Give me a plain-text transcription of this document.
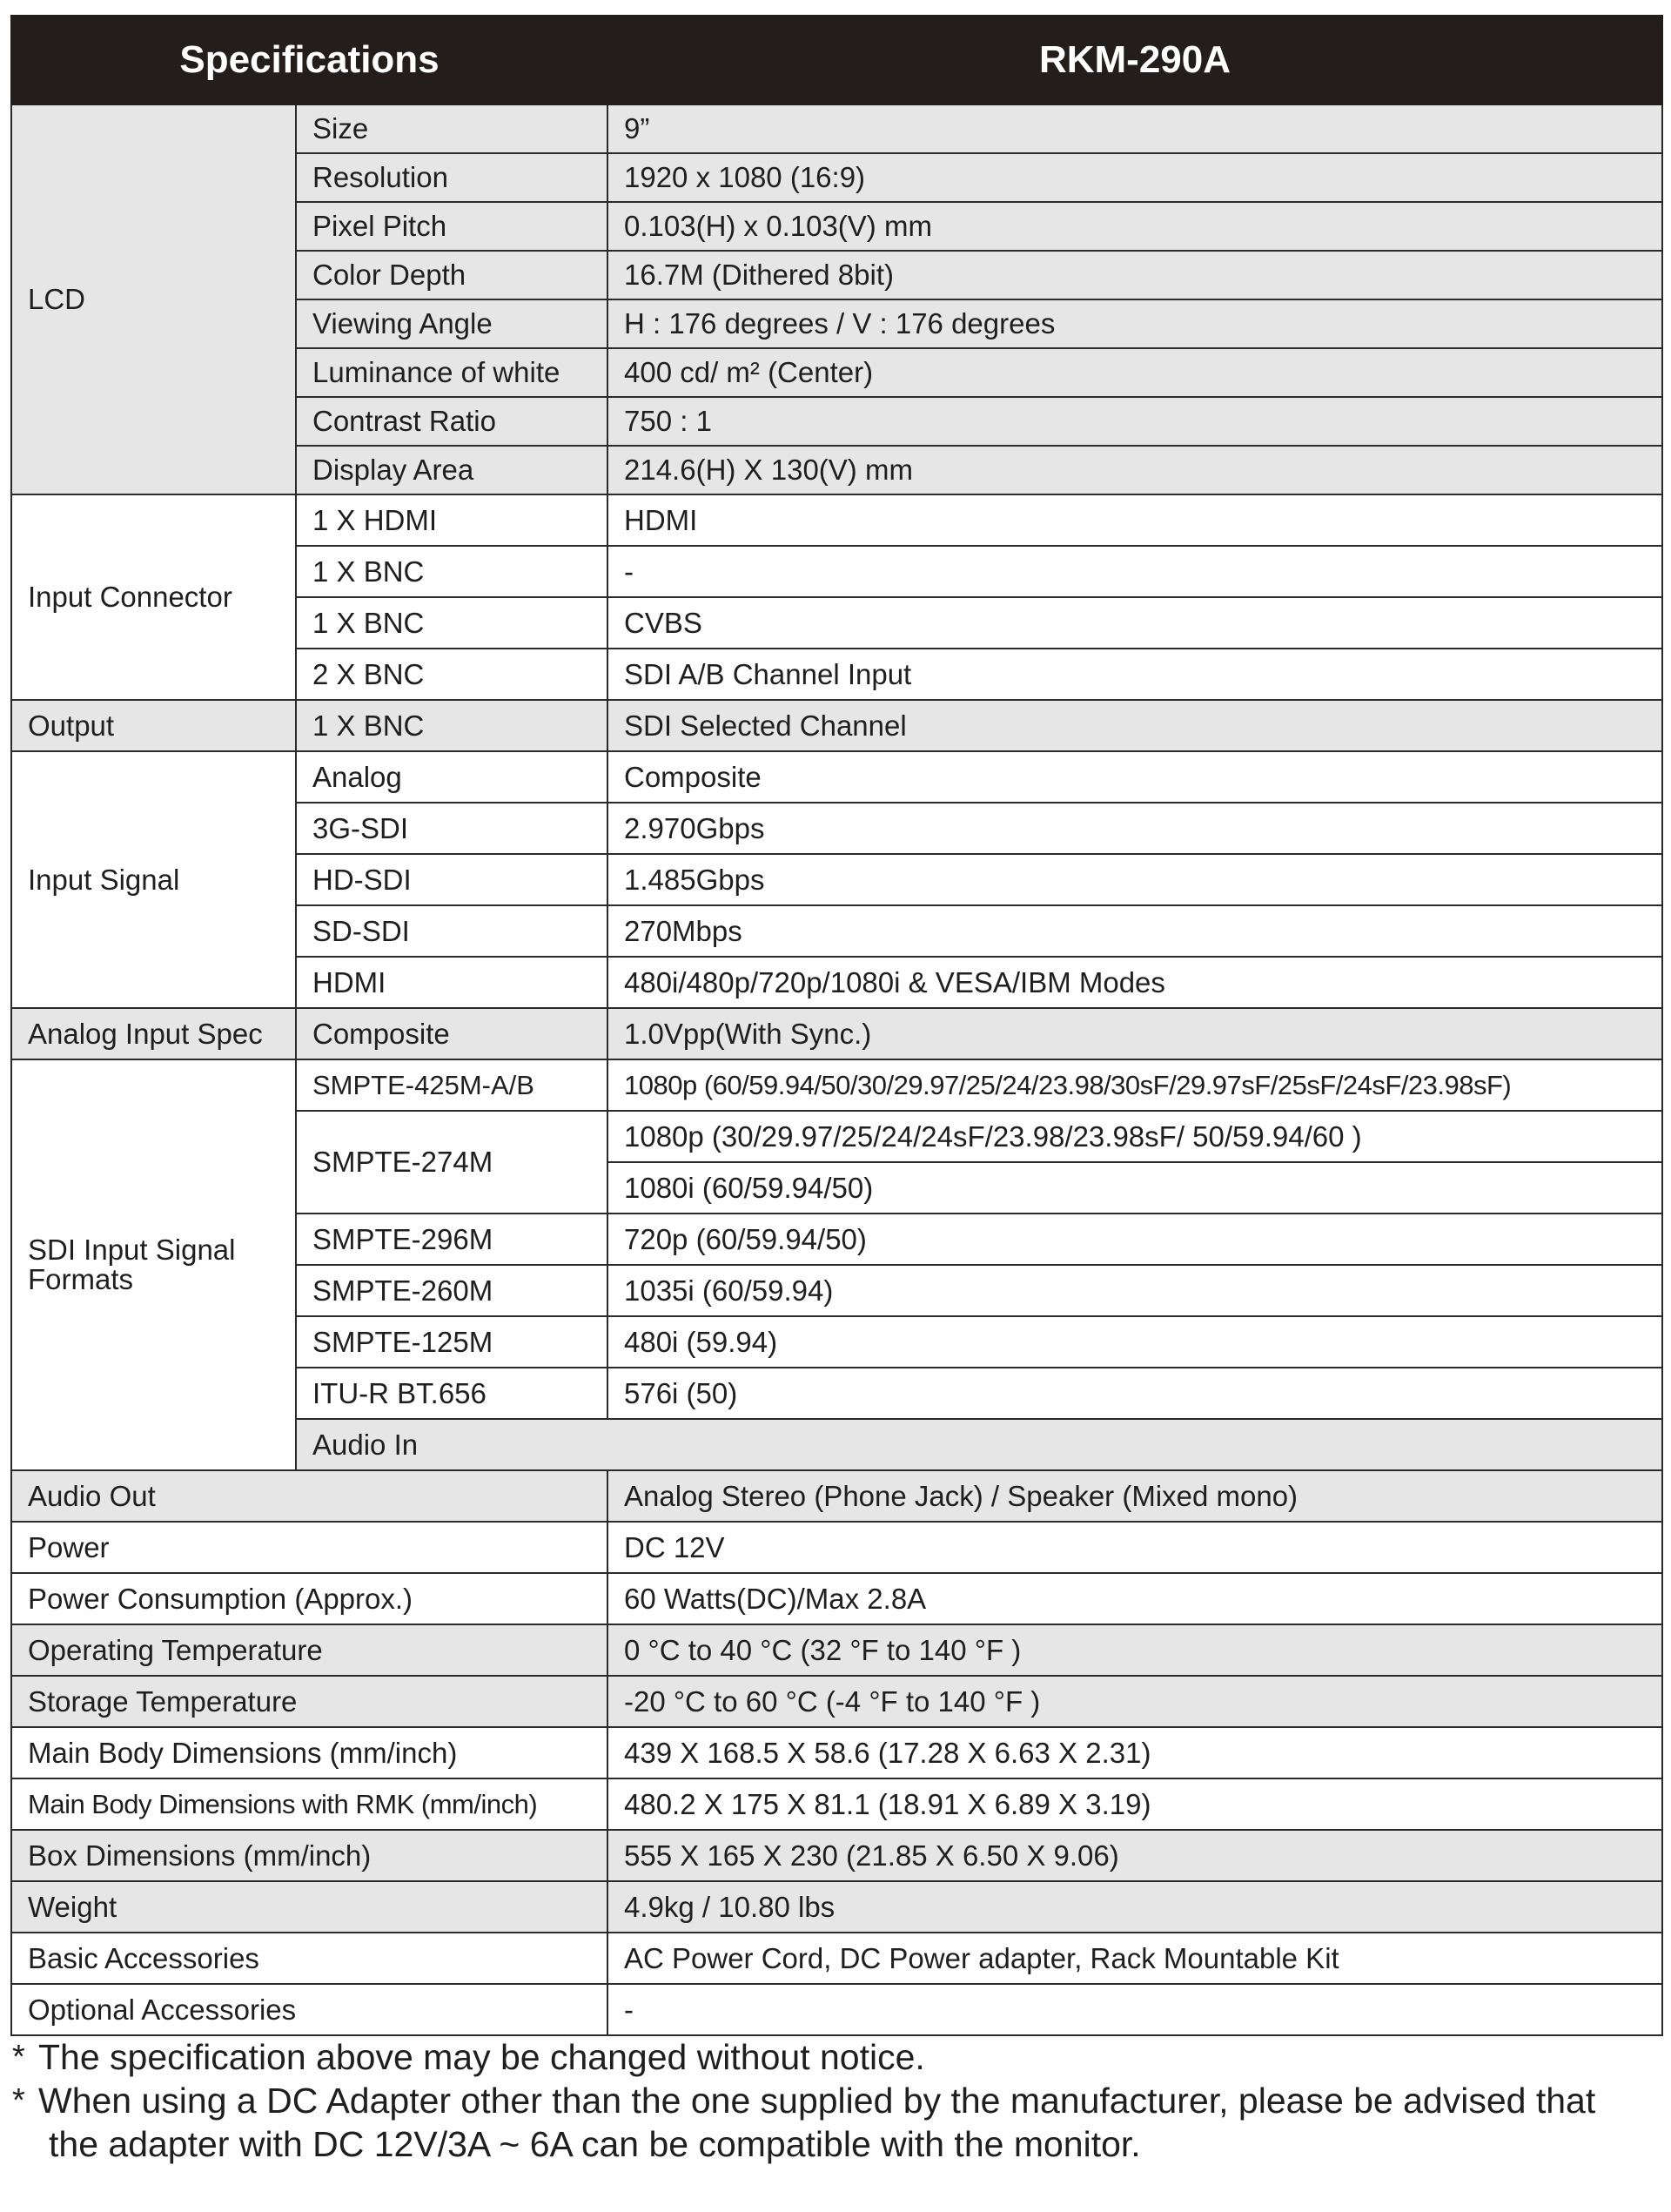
Specifications		RKM-290A	
LCD	Size	9”	
	Resolution	1920 x 1080 (16:9)	
	Pixel Pitch	0.103(H) x 0.103(V) mm	
	Color Depth	16.7M (Dithered 8bit)	
	Viewing Angle	H : 176 degrees / V : 176 degrees	
	Luminance of white	400 cd/ m² (Center)	
	Contrast Ratio	750 : 1	
	Display Area	214.6(H) X 130(V) mm	
Input Connector	1 X HDMI	HDMI	
	1 X BNC	-	
	1 X BNC	CVBS	
	2 X BNC	SDI A/B Channel Input	
Output	1 X BNC	SDI Selected Channel	
Input Signal	Analog	Composite	
	3G-SDI	2.970Gbps	
	HD-SDI	1.485Gbps	
	SD-SDI	270Mbps	
	HDMI	480i/480p/720p/1080i & VESA/IBM Modes	
Analog Input Spec	Composite	1.0Vpp(With Sync.)	

SDI Input Signal
Formats	SMPTE-425M-A/B	1080p (60/59.94/50/30/29.97/25/24/23.98/30sF/29.97sF/25sF/24sF/23.98sF)	
	SMPTE-274M	1080p (30/29.97/25/24/24sF/23.98/23.98sF/ 50/59.94/60 )	
		1080i (60/59.94/50)	
	SMPTE-296M	720p (60/59.94/50)	
	SMPTE-260M	1035i (60/59.94)	
	SMPTE-125M	480i (59.94)	
	ITU-R BT.656	576i (50)	
	Audio In	
Audio Out		Analog Stereo (Phone Jack) / Speaker (Mixed mono)	
Power		DC 12V	
Power Consumption (Approx.)		60 Watts(DC)/Max 2.8A	
Operating Temperature		0 °C to 40 °C (32 °F to 140 °F )	
Storage Temperature		-20 °C to 60 °C (-4 °F to 140 °F )	
Main Body Dimensions (mm/inch)		439 X 168.5 X 58.6 (17.28 X 6.63 X 2.31)	
Main Body Dimensions with RMK (mm/inch)		480.2 X 175 X 81.1 (18.91 X 6.89 X 3.19)	
Box Dimensions (mm/inch)		555 X 165 X 230 (21.85 X 6.50 X 9.06)	
Weight		4.9kg / 10.80 lbs	
Basic Accessories		AC Power Cord, DC Power adapter, Rack Mountable Kit	
Optional Accessories		-	
* The specification above may be changed without notice.
* When using a DC Adapter other than the one supplied by the manufacturer, please be advised that
the adapter with DC 12V/3A ~ 6A can be compatible with the monitor.
